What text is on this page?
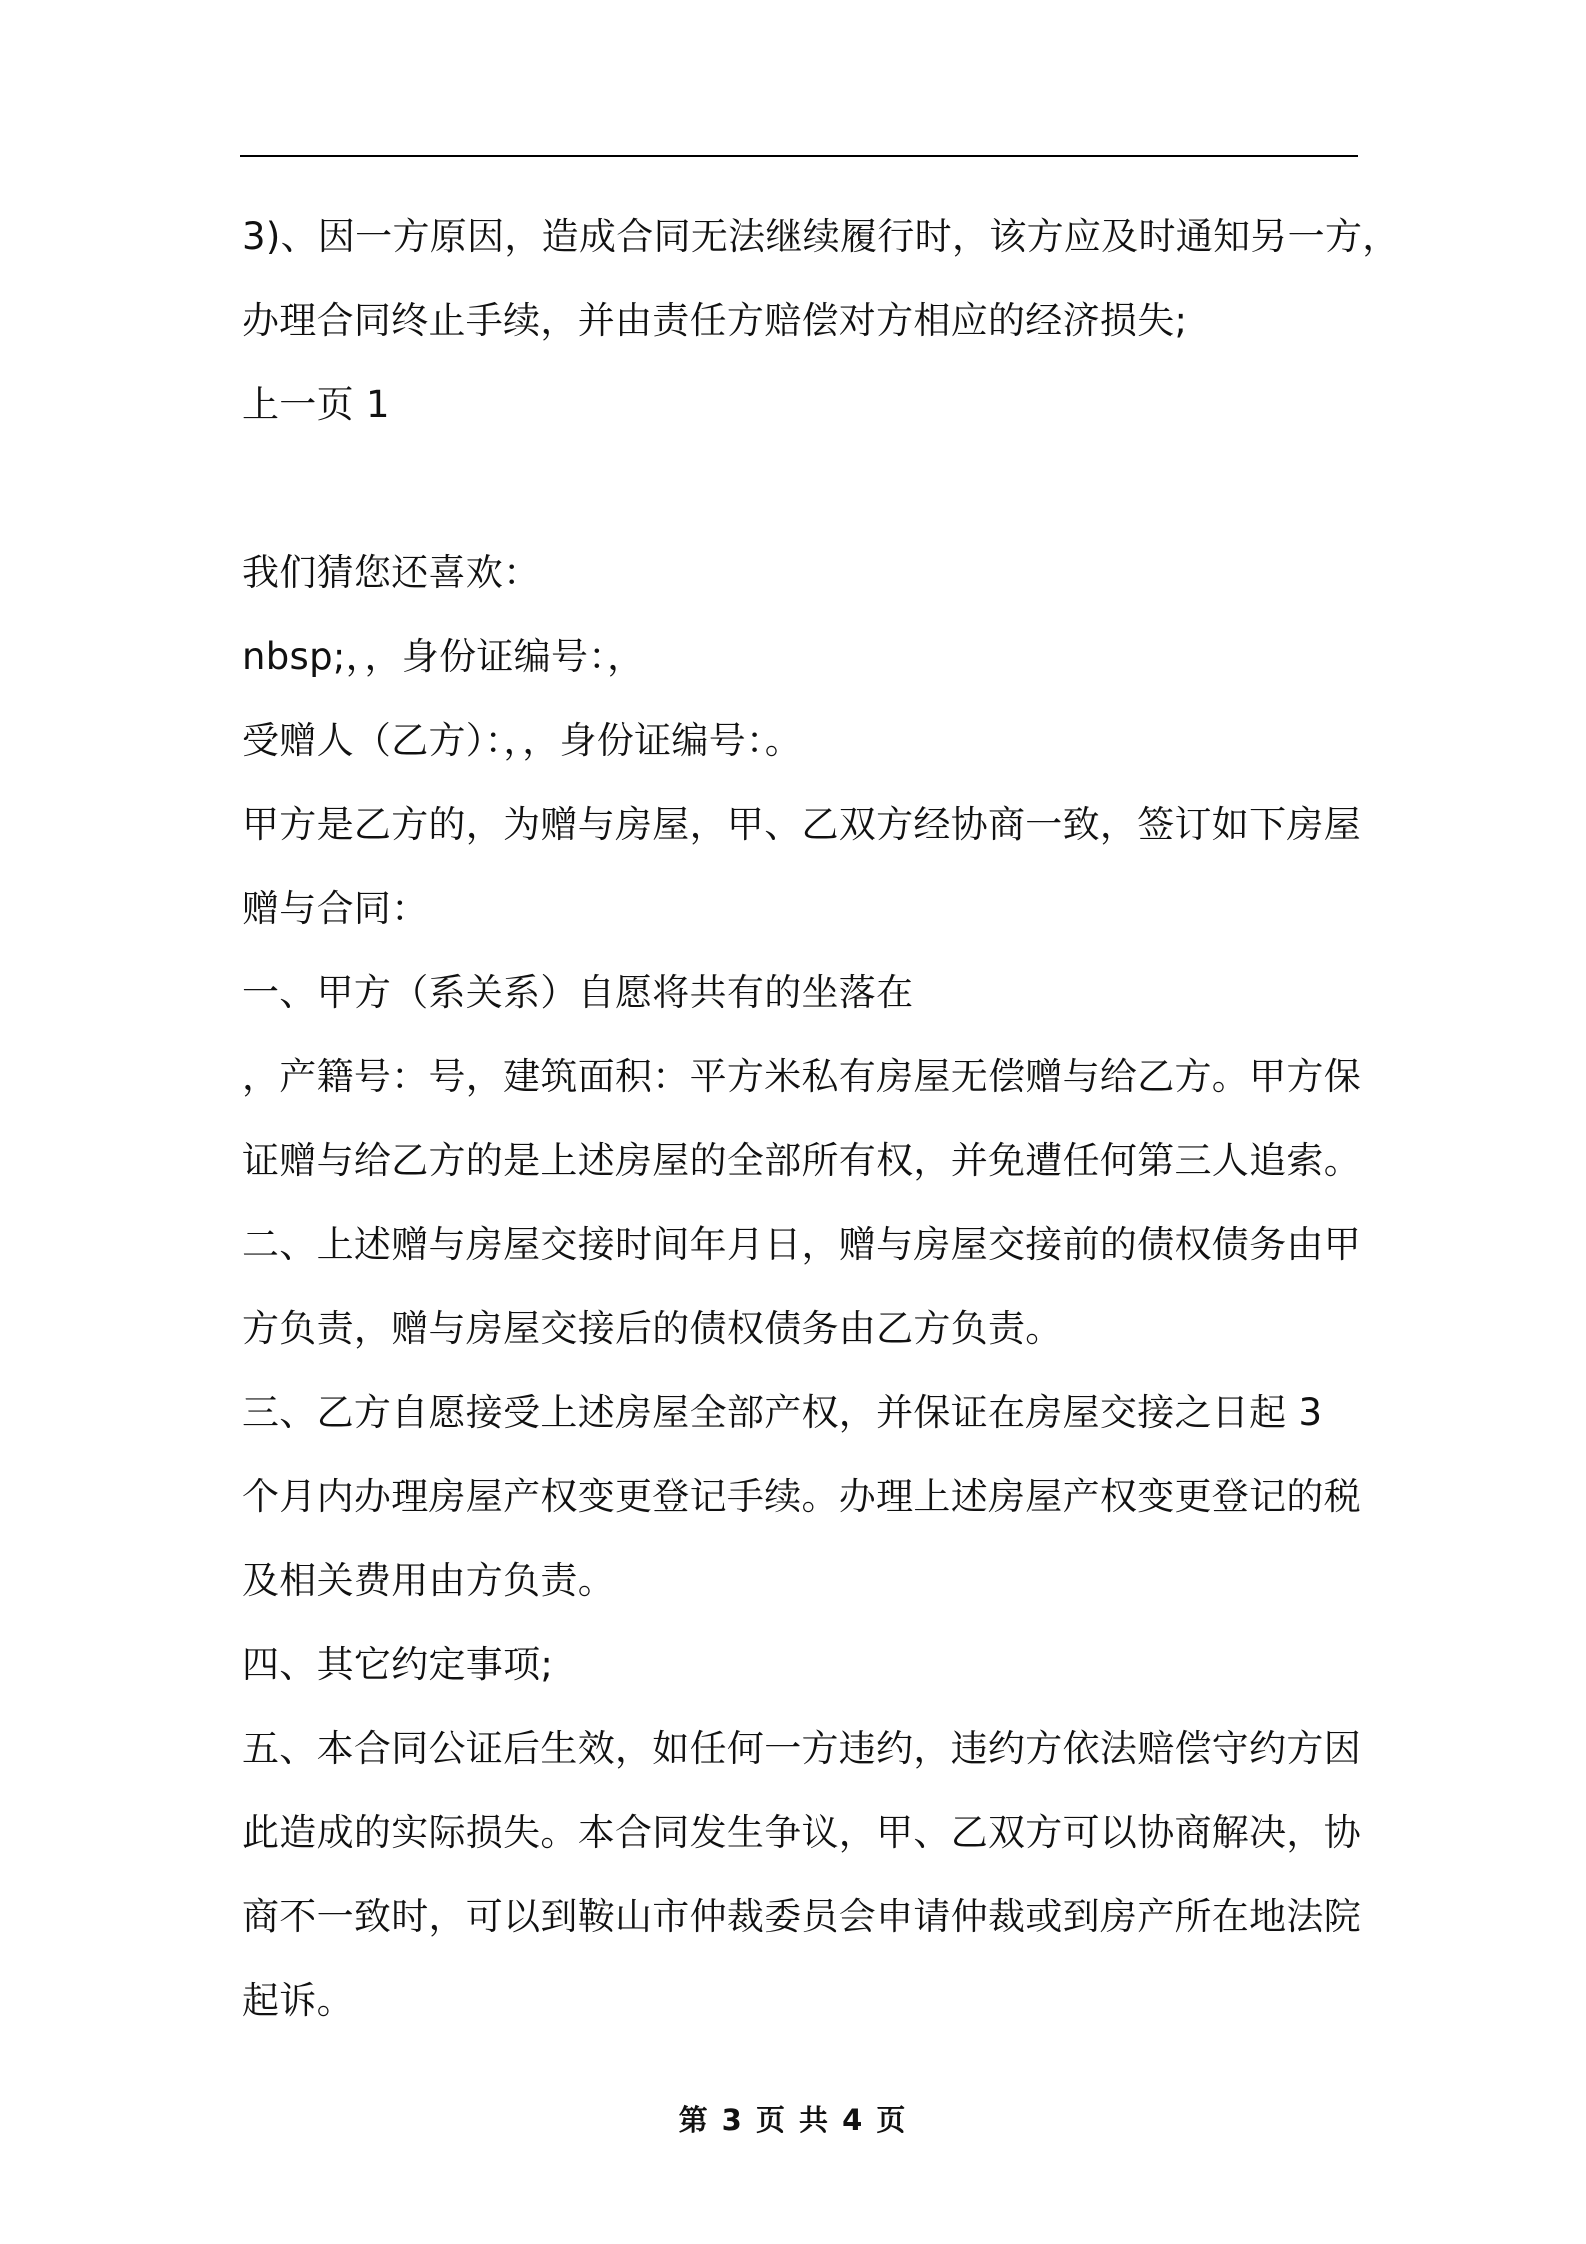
3)、因一方原因，造成合同无法继续履行时，该方应及时通知另一方，
办理合同终止手续，并由责任方赔偿对方相应的经济损失;
上一页 1
我们猜您还喜欢：
nbsp;，，身份证编号：，
受赠人（乙方）：，，身份证编号：。
甲方是乙方的，为赠与房屋，甲、乙双方经协商一致，签订如下房屋
赠与合同：
一、甲方（系关系）自愿将共有的坐落在
，产籍号：号，建筑面积：平方米私有房屋无偿赠与给乙方。甲方保
证赠与给乙方的是上述房屋的全部所有权，并免遭任何第三人追索。
二、上述赠与房屋交接时间年月日，赠与房屋交接前的债权债务由甲
方负责，赠与房屋交接后的债权债务由乙方负责。
三、乙方自愿接受上述房屋全部产权，并保证在房屋交接之日起 3
个月内办理房屋产权变更登记手续。办理上述房屋产权变更登记的税
及相关费用由方负责。
四、其它约定事项;
五、本合同公证后生效，如任何一方违约，违约方依法赔偿守约方因
此造成的实际损失。本合同发生争议，甲、乙双方可以协商解决，协
商不一致时，可以到鞍山市仲裁委员会申请仲裁或到房产所在地法院
起诉。
第 3 页 共 4 页
